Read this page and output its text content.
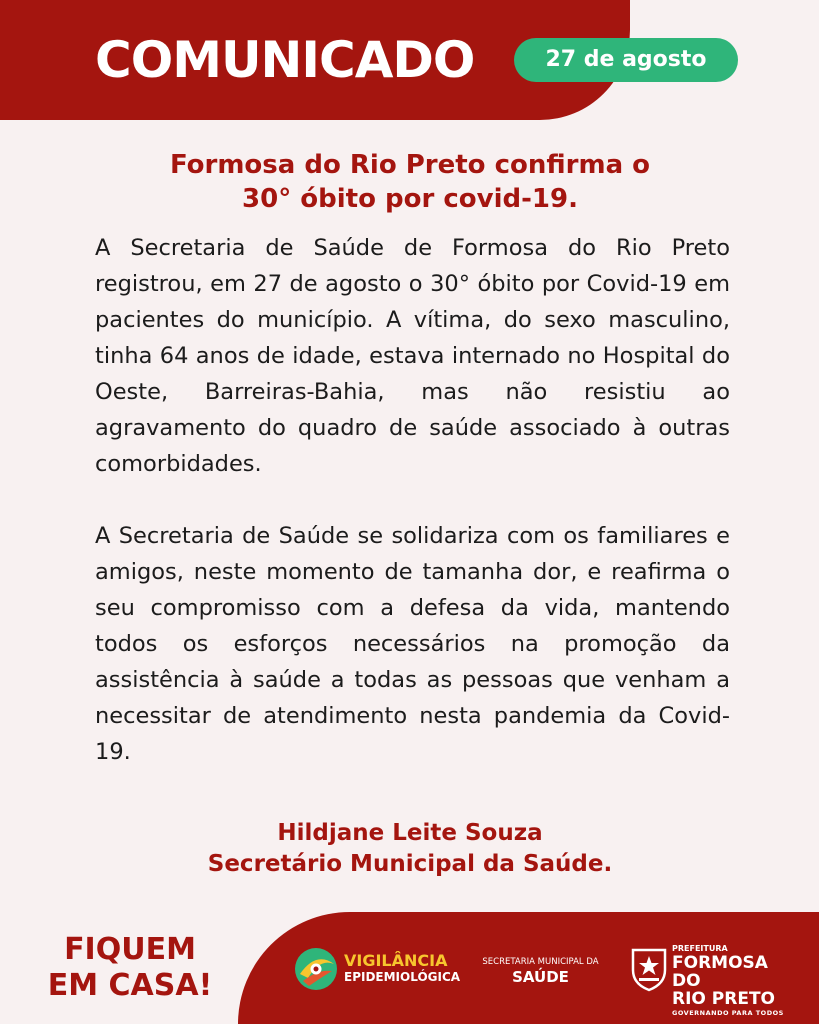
COMUNICADO	27 de agosto
Formosa do Rio Preto confirma o
30° óbito por covid-19.

A Secretaria de Saúde de Formosa do Rio Preto registrou, em 27 de agosto o 30° óbito por Covid-19 em pacientes do município. A vítima, do sexo masculino, tinha 64 anos de idade, estava internado no Hospital do Oeste, Barreiras-Bahia, mas não resistiu ao agravamento do quadro de saúde associado à outras comorbidades.

A Secretaria de Saúde se solidariza com os familiares e amigos, neste momento de tamanha dor, e reafirma o seu compromisso com a defesa da vida, mantendo todos os esforços necessários na promoção da assistência à saúde a todas as pessoas que venham a necessitar de atendimento nesta pandemia da Covid-19.

Hildjane Leite Souza
Secretário Municipal da Saúde.
FIQUEM
EM CASA!
VIGILÂNCIA
EPIDEMIOLÓGICA
SECRETARIA MUNICIPAL DA
SAÚDE
PREFEITURA
FORMOSA DO
RIO PRETO
GOVERNANDO PARA TODOS
